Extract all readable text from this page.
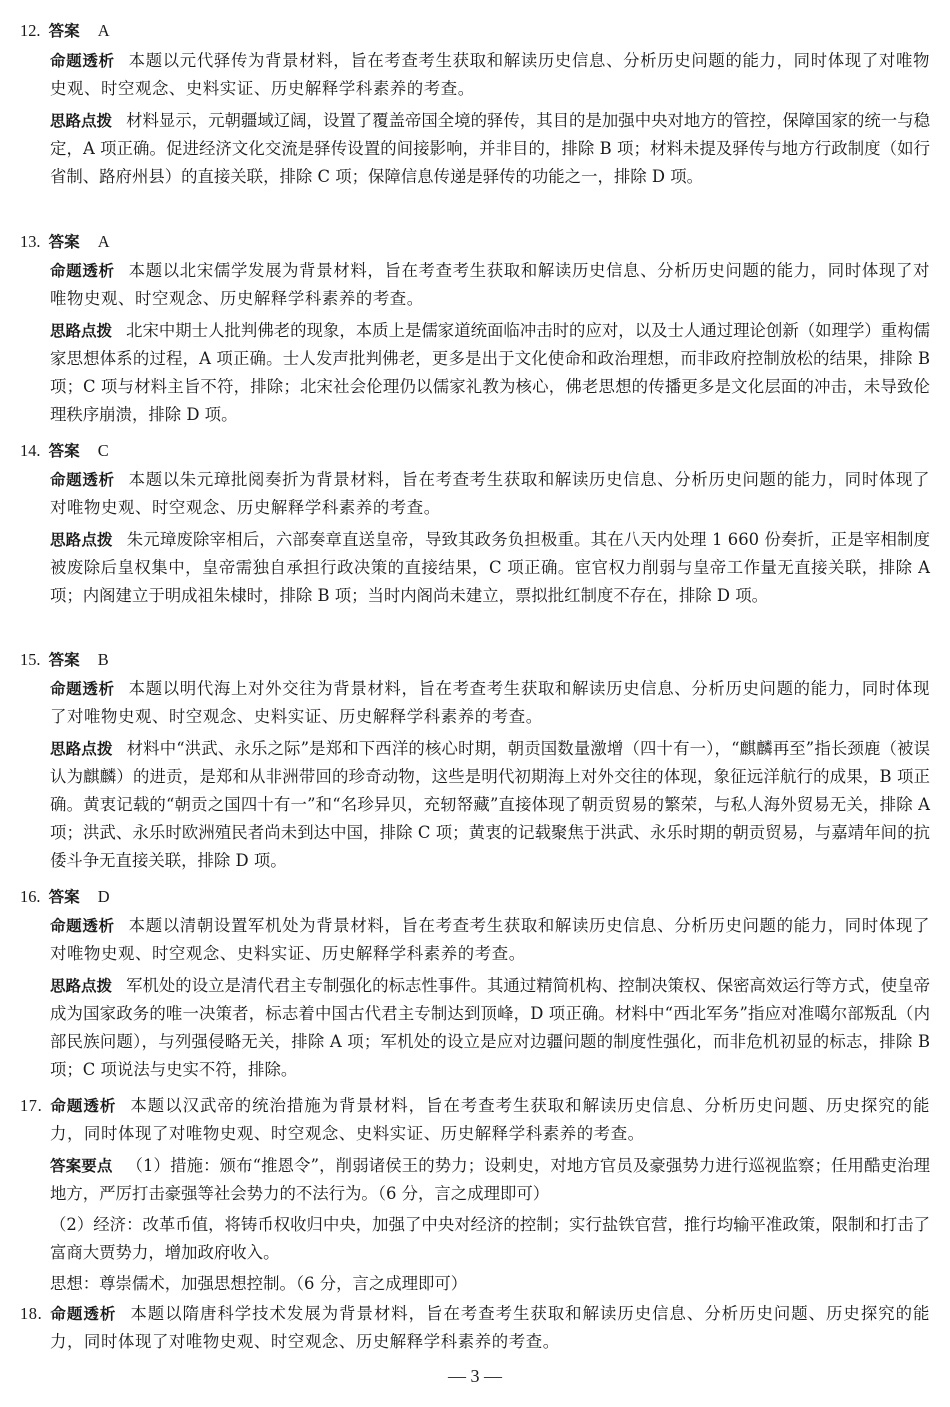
12. 答案 A
命题透析 本题以元代驿传为背景材料，旨在考查考生获取和解读历史信息、分析历史问题的能力，同时体现了对唯物史观、时空观念、史料实证、历史解释学科素养的考查。
思路点拨 材料显示，元朝疆域辽阔，设置了覆盖帝国全境的驿传，其目的是加强中央对地方的管控，保障国家的统一与稳定，A 项正确。促进经济文化交流是驿传设置的间接影响，并非目的，排除 B 项；材料未提及驿传与地方行政制度（如行省制、路府州县）的直接关联，排除 C 项；保障信息传递是驿传的功能之一，排除 D 项。
13. 答案 A
命题透析 本题以北宋儒学发展为背景材料，旨在考查考生获取和解读历史信息、分析历史问题的能力，同时体现了对唯物史观、时空观念、历史解释学科素养的考查。
思路点拨 北宋中期士人批判佛老的现象，本质上是儒家道统面临冲击时的应对，以及士人通过理论创新（如理学）重构儒家思想体系的过程，A 项正确。士人发声批判佛老，更多是出于文化使命和政治理想，而非政府控制放松的结果，排除 B 项；C 项与材料主旨不符，排除；北宋社会伦理仍以儒家礼教为核心，佛老思想的传播更多是文化层面的冲击，未导致伦理秩序崩溃，排除 D 项。
14. 答案 C
命题透析 本题以朱元璋批阅奏折为背景材料，旨在考查考生获取和解读历史信息、分析历史问题的能力，同时体现了对唯物史观、时空观念、历史解释学科素养的考查。
思路点拨 朱元璋废除宰相后，六部奏章直送皇帝，导致其政务负担极重。其在八天内处理 1 660 份奏折，正是宰相制度被废除后皇权集中，皇帝需独自承担行政决策的直接结果，C 项正确。宦官权力削弱与皇帝工作量无直接关联，排除 A 项；内阁建立于明成祖朱棣时，排除 B 项；当时内阁尚未建立，票拟批红制度不存在，排除 D 项。
15. 答案 B
命题透析 本题以明代海上对外交往为背景材料，旨在考查考生获取和解读历史信息、分析历史问题的能力，同时体现了对唯物史观、时空观念、史料实证、历史解释学科素养的考查。
思路点拨 材料中“洪武、永乐之际”是郑和下西洋的核心时期，朝贡国数量激增（四十有一），“麒麟再至”指长颈鹿（被误认为麒麟）的进贡，是郑和从非洲带回的珍奇动物，这些是明代初期海上对外交往的体现，象征远洋航行的成果，B 项正确。黄衷记载的“朝贡之国四十有一”和“名珍异贝，充轫帑藏”直接体现了朝贡贸易的繁荣，与私人海外贸易无关，排除 A 项；洪武、永乐时欧洲殖民者尚未到达中国，排除 C 项；黄衷的记载聚焦于洪武、永乐时期的朝贡贸易，与嘉靖年间的抗倭斗争无直接关联，排除 D 项。
16. 答案 D
命题透析 本题以清朝设置军机处为背景材料，旨在考查考生获取和解读历史信息、分析历史问题的能力，同时体现了对唯物史观、时空观念、史料实证、历史解释学科素养的考查。
思路点拨 军机处的设立是清代君主专制强化的标志性事件。其通过精简机构、控制决策权、保密高效运行等方式，使皇帝成为国家政务的唯一决策者，标志着中国古代君主专制达到顶峰，D 项正确。材料中“西北军务”指应对准噶尔部叛乱（内部民族问题），与列强侵略无关，排除 A 项；军机处的设立是应对边疆问题的制度性强化，而非危机初显的标志，排除 B 项；C 项说法与史实不符，排除。
17. 命题透析 本题以汉武帝的统治措施为背景材料，旨在考查考生获取和解读历史信息、分析历史问题、历史探究的能力，同时体现了对唯物史观、时空观念、史料实证、历史解释学科素养的考查。
答案要点 （1）措施：颁布“推恩令”，削弱诸侯王的势力；设刺史，对地方官员及豪强势力进行巡视监察；任用酷吏治理地方，严厉打击豪强等社会势力的不法行为。（6 分，言之成理即可）
（2）经济：改革币值，将铸币权收归中央，加强了中央对经济的控制；实行盐铁官营，推行均输平准政策，限制和打击了富商大贾势力，增加政府收入。
思想：尊崇儒术，加强思想控制。（6 分，言之成理即可）
18. 命题透析 本题以隋唐科学技术发展为背景材料，旨在考查考生获取和解读历史信息、分析历史问题、历史探究的能力，同时体现了对唯物史观、时空观念、历史解释学科素养的考查。
— 3 —
